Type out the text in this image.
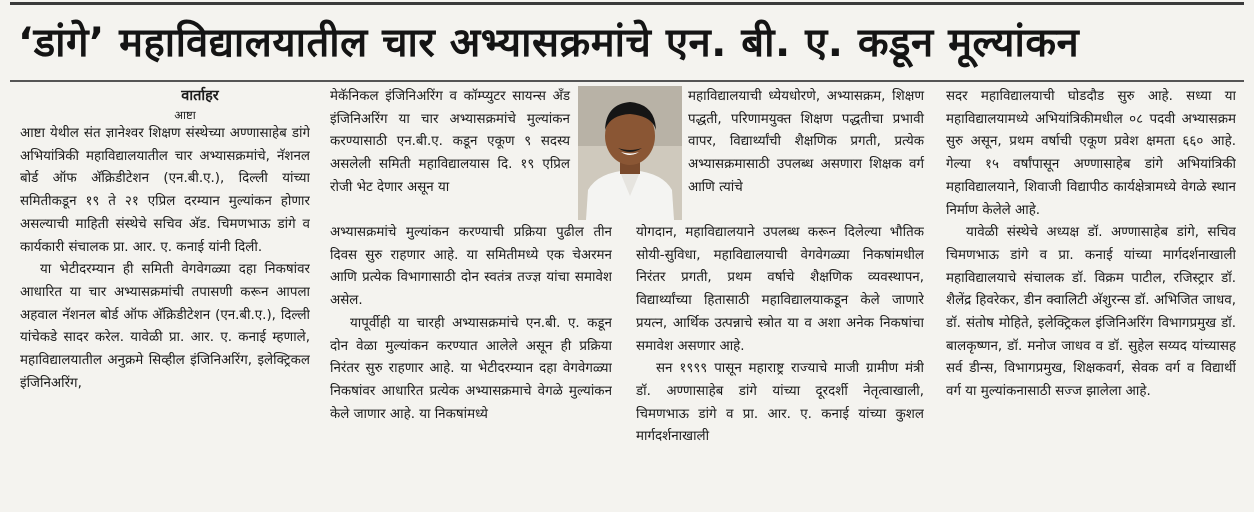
‘डांगे’ महाविद्यालयातील चार अभ्यासक्रमांचे एन. बी. ए. कडून मूल्यांकन
वार्ताहर
आष्टा

आष्टा येथील संत ज्ञानेश्वर शिक्षण संस्थेच्या अण्णासाहेब डांगे अभियांत्रिकी महाविद्यालयातील चार अभ्यासक्रमांचे, नॅशनल बोर्ड ऑफ अ‍ॅक्रिडीटेशन (एन.बी.ए.), दिल्ली यांच्या समितीकडून १९ ते २१ एप्रिल दरम्यान मुल्यांकन होणार असल्याची माहिती संस्थेचे सचिव अ‍ॅड. चिमणभाऊ डांगे व कार्यकारी संचालक प्रा. आर. ए. कनाई यांनी दिली.

या भेटीदरम्यान ही समिती वेगवेगळ्या दहा निकषांवर आधारित या चार अभ्यासक्रमांची तपासणी करून आपला अहवाल नॅशनल बोर्ड ऑफ अ‍ॅक्रिडीटेशन (एन.बी.ए.), दिल्ली यांचेकडे सादर करेल. यावेळी प्रा. आर. ए. कनाई म्हणाले, महाविद्यालयातील अनुक्रमे सिव्हील इंजिनिअरिंग, इलेक्ट्रिकल इंजिनिअरिंग,

मेकॅनिकल इंजिनिअरिंग व कॉम्प्युटर सायन्स अँड इंजिनिअरिंग या चार अभ्यासक्रमांचे मुल्यांकन करण्यासाठी एन.बी.ए. कडून एकूण ९ सदस्य असलेली समिती महाविद्यालयास दि. १९ एप्रिल रोजी भेट देणार असून या

अभ्यासक्रमांचे मुल्यांकन करण्याची प्रक्रिया पुढील तीन दिवस सुरु राहणार आहे. या समितीमध्ये एक चेअरमन आणि प्रत्येक विभागासाठी दोन स्वतंत्र तज्ज्ञ यांचा समावेश असेल.

यापूर्वीही या चारही अभ्यासक्रमांचे एन.बी. ए. कडून दोन वेळा मुल्यांकन करण्यात आलेले असून ही प्रक्रिया निरंतर सुरु राहणार आहे. या भेटीदरम्यान दहा वेगवेगळ्या निकषांवर आधारित प्रत्येक अभ्यासक्रमाचे वेगळे मुल्यांकन केले जाणार आहे. या निकषांमध्ये

महाविद्यालयाची ध्येयधोरणे, अभ्यासक्रम, शिक्षण पद्धती, परिणामयुक्त शिक्षण पद्धतीचा प्रभावी वापर, विद्यार्थ्यांची शैक्षणिक प्रगती, प्रत्येक अभ्यासक्रमासाठी उपलब्ध असणारा शिक्षक वर्ग आणि त्यांचे

योगदान, महाविद्यालयाने उपलब्ध करून दिलेल्या भौतिक सोयी-सुविधा, महाविद्यालयाची वेगवेगळ्या निकषांमधील निरंतर प्रगती, प्रथम वर्षाचे शैक्षणिक व्यवस्थापन, विद्यार्थ्यांच्या हितासाठी महाविद्यालयाकडून केले जाणारे प्रयत्न, आर्थिक उत्पन्नाचे स्त्रोत या व अशा अनेक निकषांचा समावेश असणार आहे.

सन १९९९ पासून महाराष्ट्र राज्याचे माजी ग्रामीण मंत्री डॉ. अण्णासाहेब डांगे यांच्या दूरदर्शी नेतृत्वाखाली, चिमणभाऊ डांगे व प्रा. आर. ए. कनाई यांच्या कुशल मार्गदर्शनाखाली

सदर महाविद्यालयाची घोडदौड सुरु आहे. सध्या या महाविद्यालयामध्ये अभियांत्रिकीमधील ०८ पदवी अभ्यासक्रम सुरु असून, प्रथम वर्षाची एकूण प्रवेश क्षमता ६६० आहे. गेल्या १५ वर्षांपासून अण्णासाहेब डांगे अभियांत्रिकी महाविद्यालयाने, शिवाजी विद्यापीठ कार्यक्षेत्रामध्ये वेगळे स्थान निर्माण केलेले आहे.

यावेळी संस्थेचे अध्यक्ष डॉ. अण्णासाहेब डांगे, सचिव चिमणभाऊ डांगे व प्रा. कनाई यांच्या मार्गदर्शनाखाली महाविद्यालयाचे संचालक डॉ. विक्रम पाटील, रजिस्ट्रार डॉ. शैलेंद्र हिवरेकर, डीन क्वालिटी अ‍ॅशुरन्स डॉ. अभिजित जाधव, डॉ. संतोष मोहिते, इलेक्ट्रिकल इंजिनिअरिंग विभागप्रमुख डॉ. बालकृष्णन, डॉ. मनोज जाधव व डॉ. सुहेल सय्यद यांच्यासह सर्व डीन्स, विभागप्रमुख, शिक्षकवर्ग, सेवक वर्ग व विद्यार्थी वर्ग या मुल्यांकनासाठी सज्ज झालेला आहे.
